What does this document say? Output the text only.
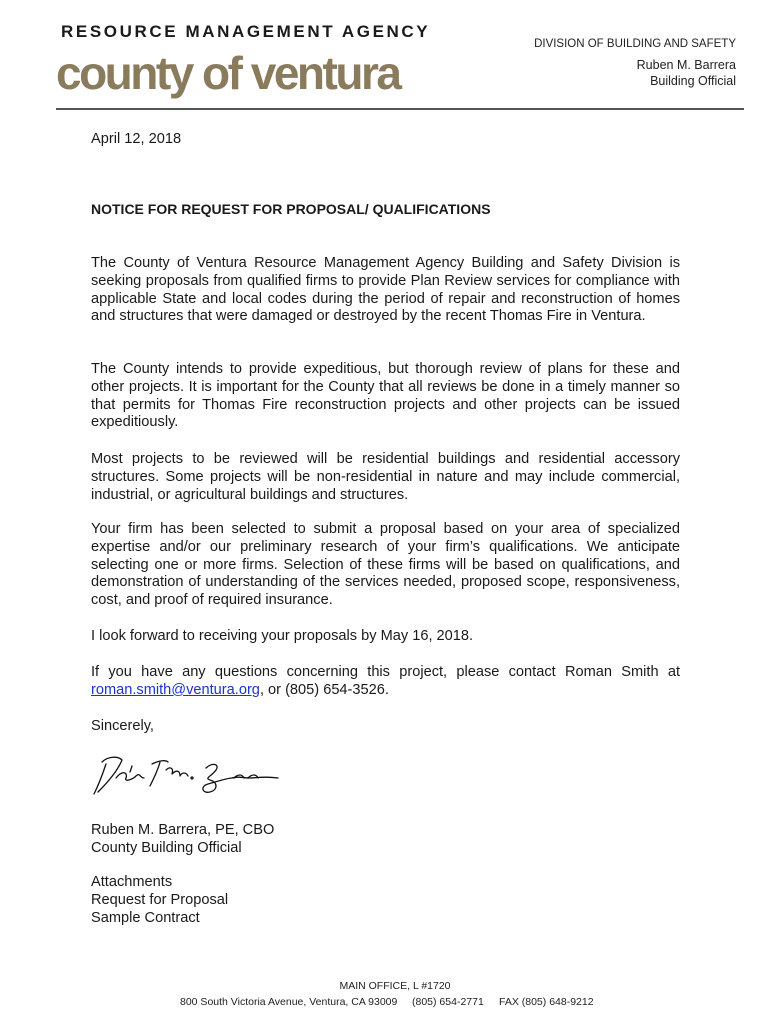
RESOURCE MANAGEMENT AGENCY
county of ventura
DIVISION OF BUILDING AND SAFETY
Ruben M. Barrera
Building Official
April 12, 2018
NOTICE FOR REQUEST FOR PROPOSAL/ QUALIFICATIONS

The County of Ventura Resource Management Agency Building and Safety Division is seeking proposals from qualified firms to provide Plan Review services for compliance with applicable State and local codes during the period of repair and reconstruction of homes and structures that were damaged or destroyed by the recent Thomas Fire in Ventura.

The County intends to provide expeditious, but thorough review of plans for these and other projects. It is important for the County that all reviews be done in a timely manner so that permits for Thomas Fire reconstruction projects and other projects can be issued expeditiously.

Most projects to be reviewed will be residential buildings and residential accessory structures. Some projects will be non-residential in nature and may include commercial, industrial, or agricultural buildings and structures.

Your firm has been selected to submit a proposal based on your area of specialized expertise and/or our preliminary research of your firm’s qualifications. We anticipate selecting one or more firms. Selection of these firms will be based on qualifications, and demonstration of understanding of the services needed, proposed scope, responsiveness, cost, and proof of required insurance.

I look forward to receiving your proposals by May 16, 2018.

If you have any questions concerning this project, please contact Roman Smith at roman.smith@ventura.org, or (805) 654-3526.

Sincerely,
Ruben M. Barrera, PE, CBO
County Building Official
Attachments
Request for Proposal
Sample Contract
MAIN OFFICE, L #1720
800 South Victoria Avenue, Ventura, CA 93009 (805) 654-2771 FAX (805) 648-9212
